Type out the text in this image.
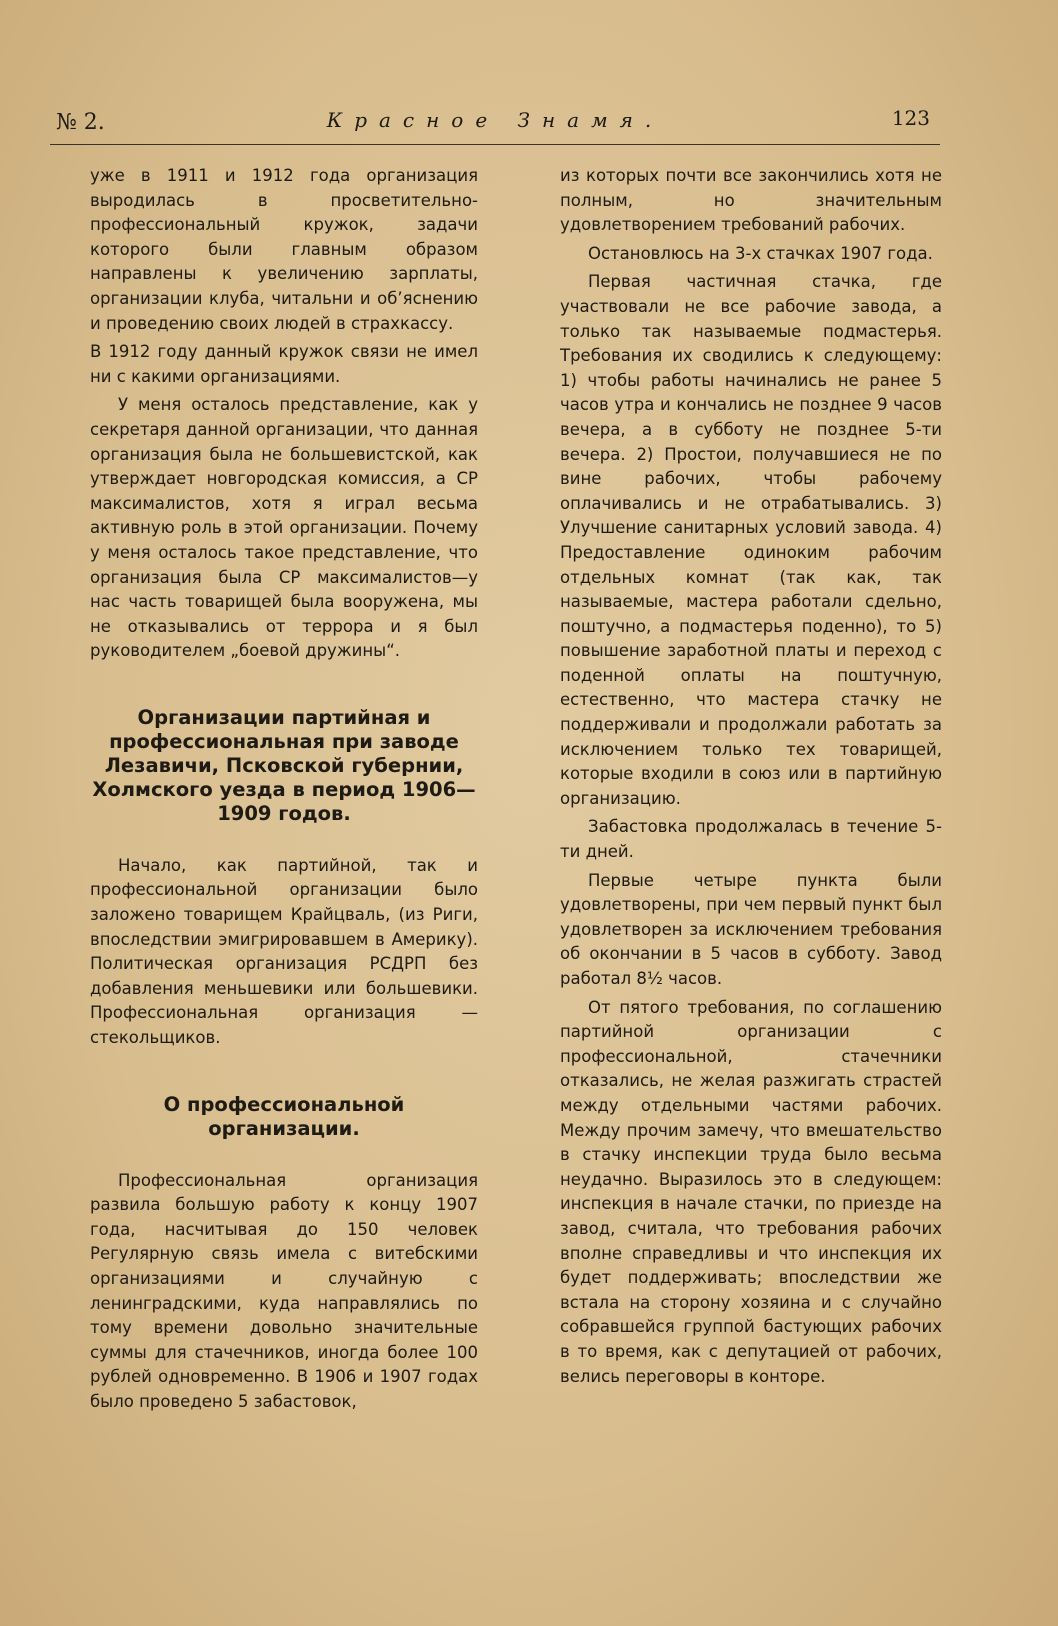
№ 2.	Красное Знамя.	123

уже в 1911 и 1912 года организация выродилась в просветительно-профессиональный кружок, задачи которого были главным образом направлены к увеличению зарплаты, организации клуба, читальни и об’яснению и проведению своих людей в страхкассу.

В 1912 году данный кружок связи не имел ни с какими организациями.

У меня осталось представление, как у секретаря данной организации, что данная организация была не большевистской, как утверждает новгородская комиссия, а СР максималистов, хотя я играл весьма активную роль в этой организации. Почему у меня осталось такое представление, что организация была СР максималистов—у нас часть товарищей была вооружена, мы не отказывались от террора и я был руководителем „боевой дружины“.

Организации партийная и профессиональная при заводе Лезавичи, Псковской губернии, Холмского уезда в период 1906—1909 годов.

Начало, как партийной, так и профессиональной организации было заложено товарищем Крайцваль, (из Риги, впоследствии эмигрировавшем в Америку). Политическая организация РСДРП без добавления меньшевики или большевики. Профессиональная организация — стекольщиков.

О профессиональной организации.

Профессиональная организация развила большую работу к концу 1907 года, насчитывая до 150 человек Регулярную связь имела с витебскими организациями и случайную с ленинградскими, куда направлялись по тому времени довольно значительные суммы для стачечников, иногда более 100 рублей одновременно. В 1906 и 1907 годах было проведено 5 забастовок,

из которых почти все закончились хотя не полным, но значительным удовлетворением требований рабочих.

Остановлюсь на 3-х стачках 1907 года.

Первая частичная стачка, где участвовали не все рабочие завода, а только так называемые подмастерья. Требования их сводились к следующему: 1) чтобы работы начинались не ранее 5 часов утра и кончались не позднее 9 часов вечера, а в субботу не позднее 5-ти вечера. 2) Простои, получавшиеся не по вине рабочих, чтобы рабочему оплачивались и не отрабатывались. 3) Улучшение санитарных условий завода. 4) Предоставление одиноким рабочим отдельных комнат (так как, так называемые, мастера работали сдельно, поштучно, а подмастерья поденно), то 5) повышение заработной платы и переход с поденной оплаты на поштучную, естественно, что мастера стачку не поддерживали и продолжали работать за исключением только тех товарищей, которые входили в союз или в партийную организацию.

Забастовка продолжалась в течение 5-ти дней.

Первые четыре пункта были удовлетворены, при чем первый пункт был удовлетворен за исключением требования об окончании в 5 часов в субботу. Завод работал 8½ часов.

От пятого требования, по соглашению партийной организации с профессиональной, стачечники отказались, не желая разжигать страстей между отдельными частями рабочих. Между прочим замечу, что вмешательство в стачку инспекции труда было весьма неудачно. Выразилось это в следующем: инспекция в начале стачки, по приезде на завод, считала, что требования рабочих вполне справедливы и что инспекция их будет поддерживать; впоследствии же встала на сторону хозяина и с случайно собравшейся группой бастующих рабочих в то время, как с депутацией от рабочих, велись переговоры в конторе.
